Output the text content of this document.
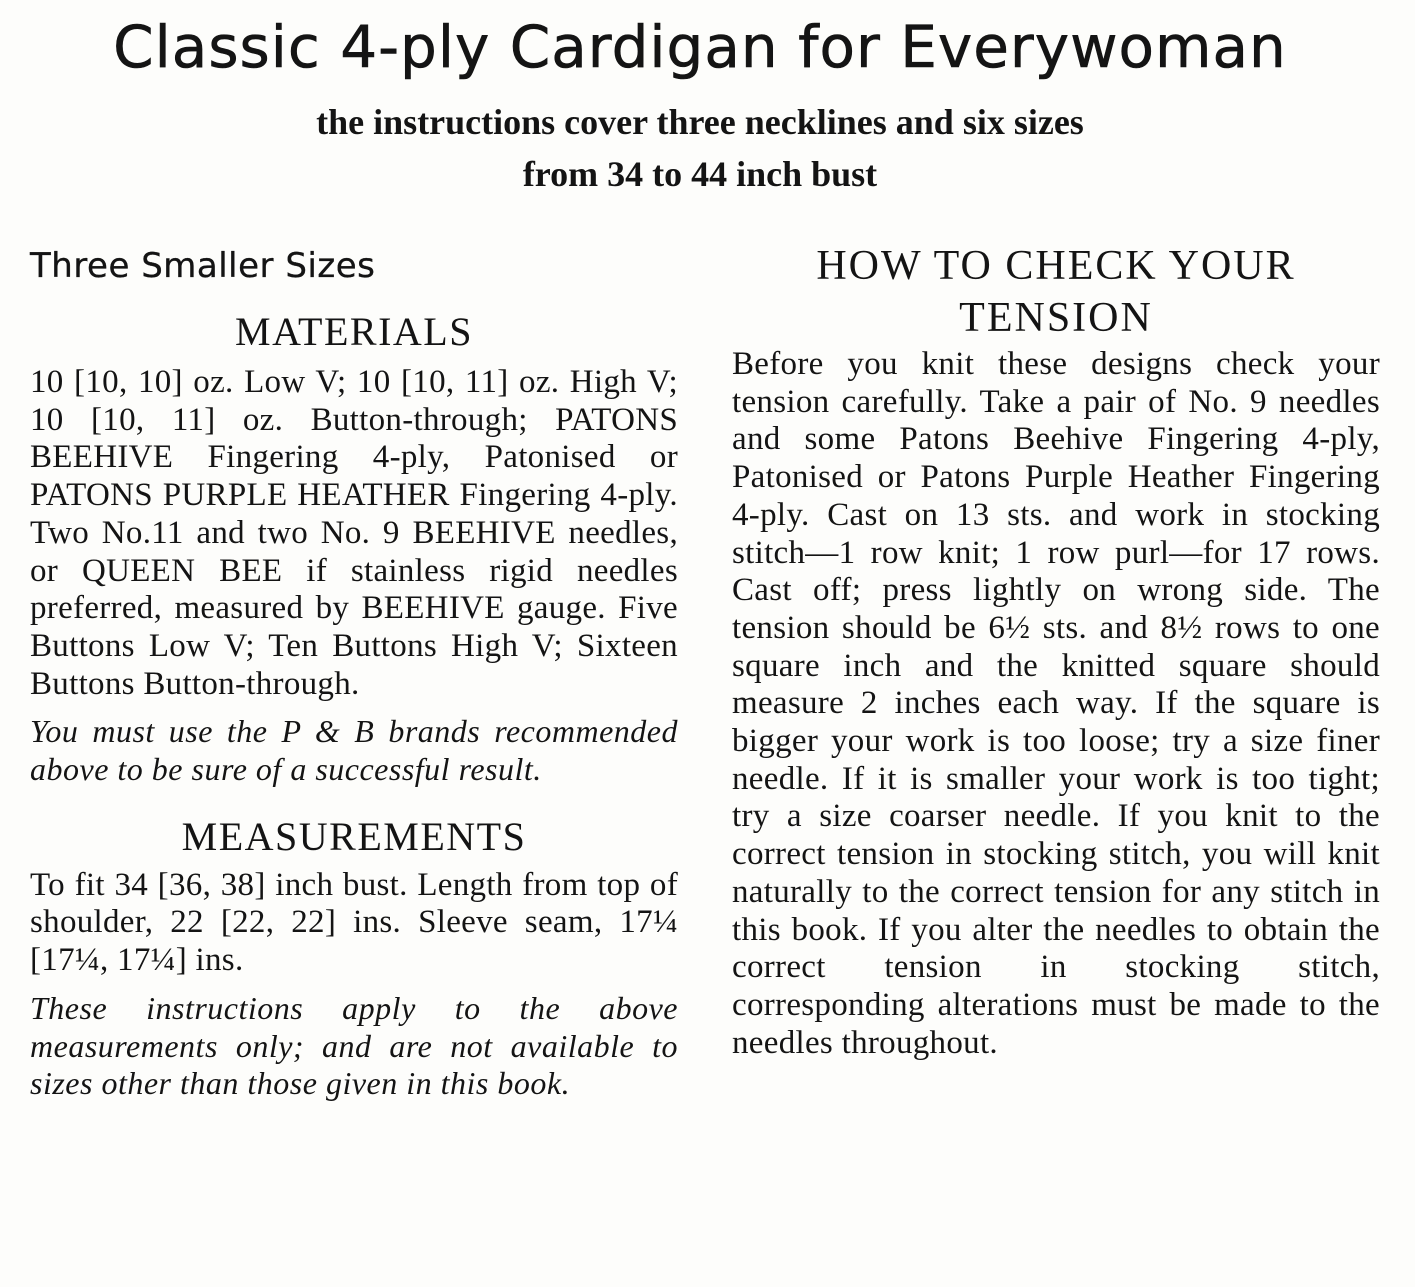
Classic 4-ply Cardigan for Everywoman
the instructions cover three necklines and six sizes
from 34 to 44 inch bust
Three Smaller Sizes
MATERIALS

10 [10, 10] oz. Low V; 10 [10, 11] oz. High V; 10 [10, 11] oz. Button-through; PATONS BEEHIVE Fingering 4-ply, Patonised or PATONS PURPLE HEATHER Fingering 4-ply. Two No.11 and two No. 9 BEEHIVE needles, or QUEEN BEE if stainless rigid needles preferred, measured by BEEHIVE gauge. Five Buttons Low V; Ten Buttons High V; Sixteen Buttons Button-through.

You must use the P & B brands recommended above to be sure of a successful result.

MEASUREMENTS

To fit 34 [36, 38] inch bust. Length from top of shoulder, 22 [22, 22] ins. Sleeve seam, 17¼ [17¼, 17¼] ins.

These instructions apply to the above measurements only; and are not available to sizes other than those given in this book.

HOW TO CHECK YOUR
TENSION

Before you knit these designs check your tension carefully. Take a pair of No. 9 needles and some Patons Beehive Fingering 4-ply, Patonised or Patons Purple Heather Fingering 4-ply. Cast on 13 sts. and work in stocking stitch—1 row knit; 1 row purl—for 17 rows. Cast off; press lightly on wrong side. The tension should be 6½ sts. and 8½ rows to one square inch and the knitted square should measure 2 inches each way. If the square is bigger your work is too loose; try a size finer needle. If it is smaller your work is too tight; try a size coarser needle. If you knit to the correct tension in stocking stitch, you will knit naturally to the correct tension for any stitch in this book. If you alter the needles to obtain the correct tension in stocking stitch, corresponding alterations must be made to the needles throughout.
